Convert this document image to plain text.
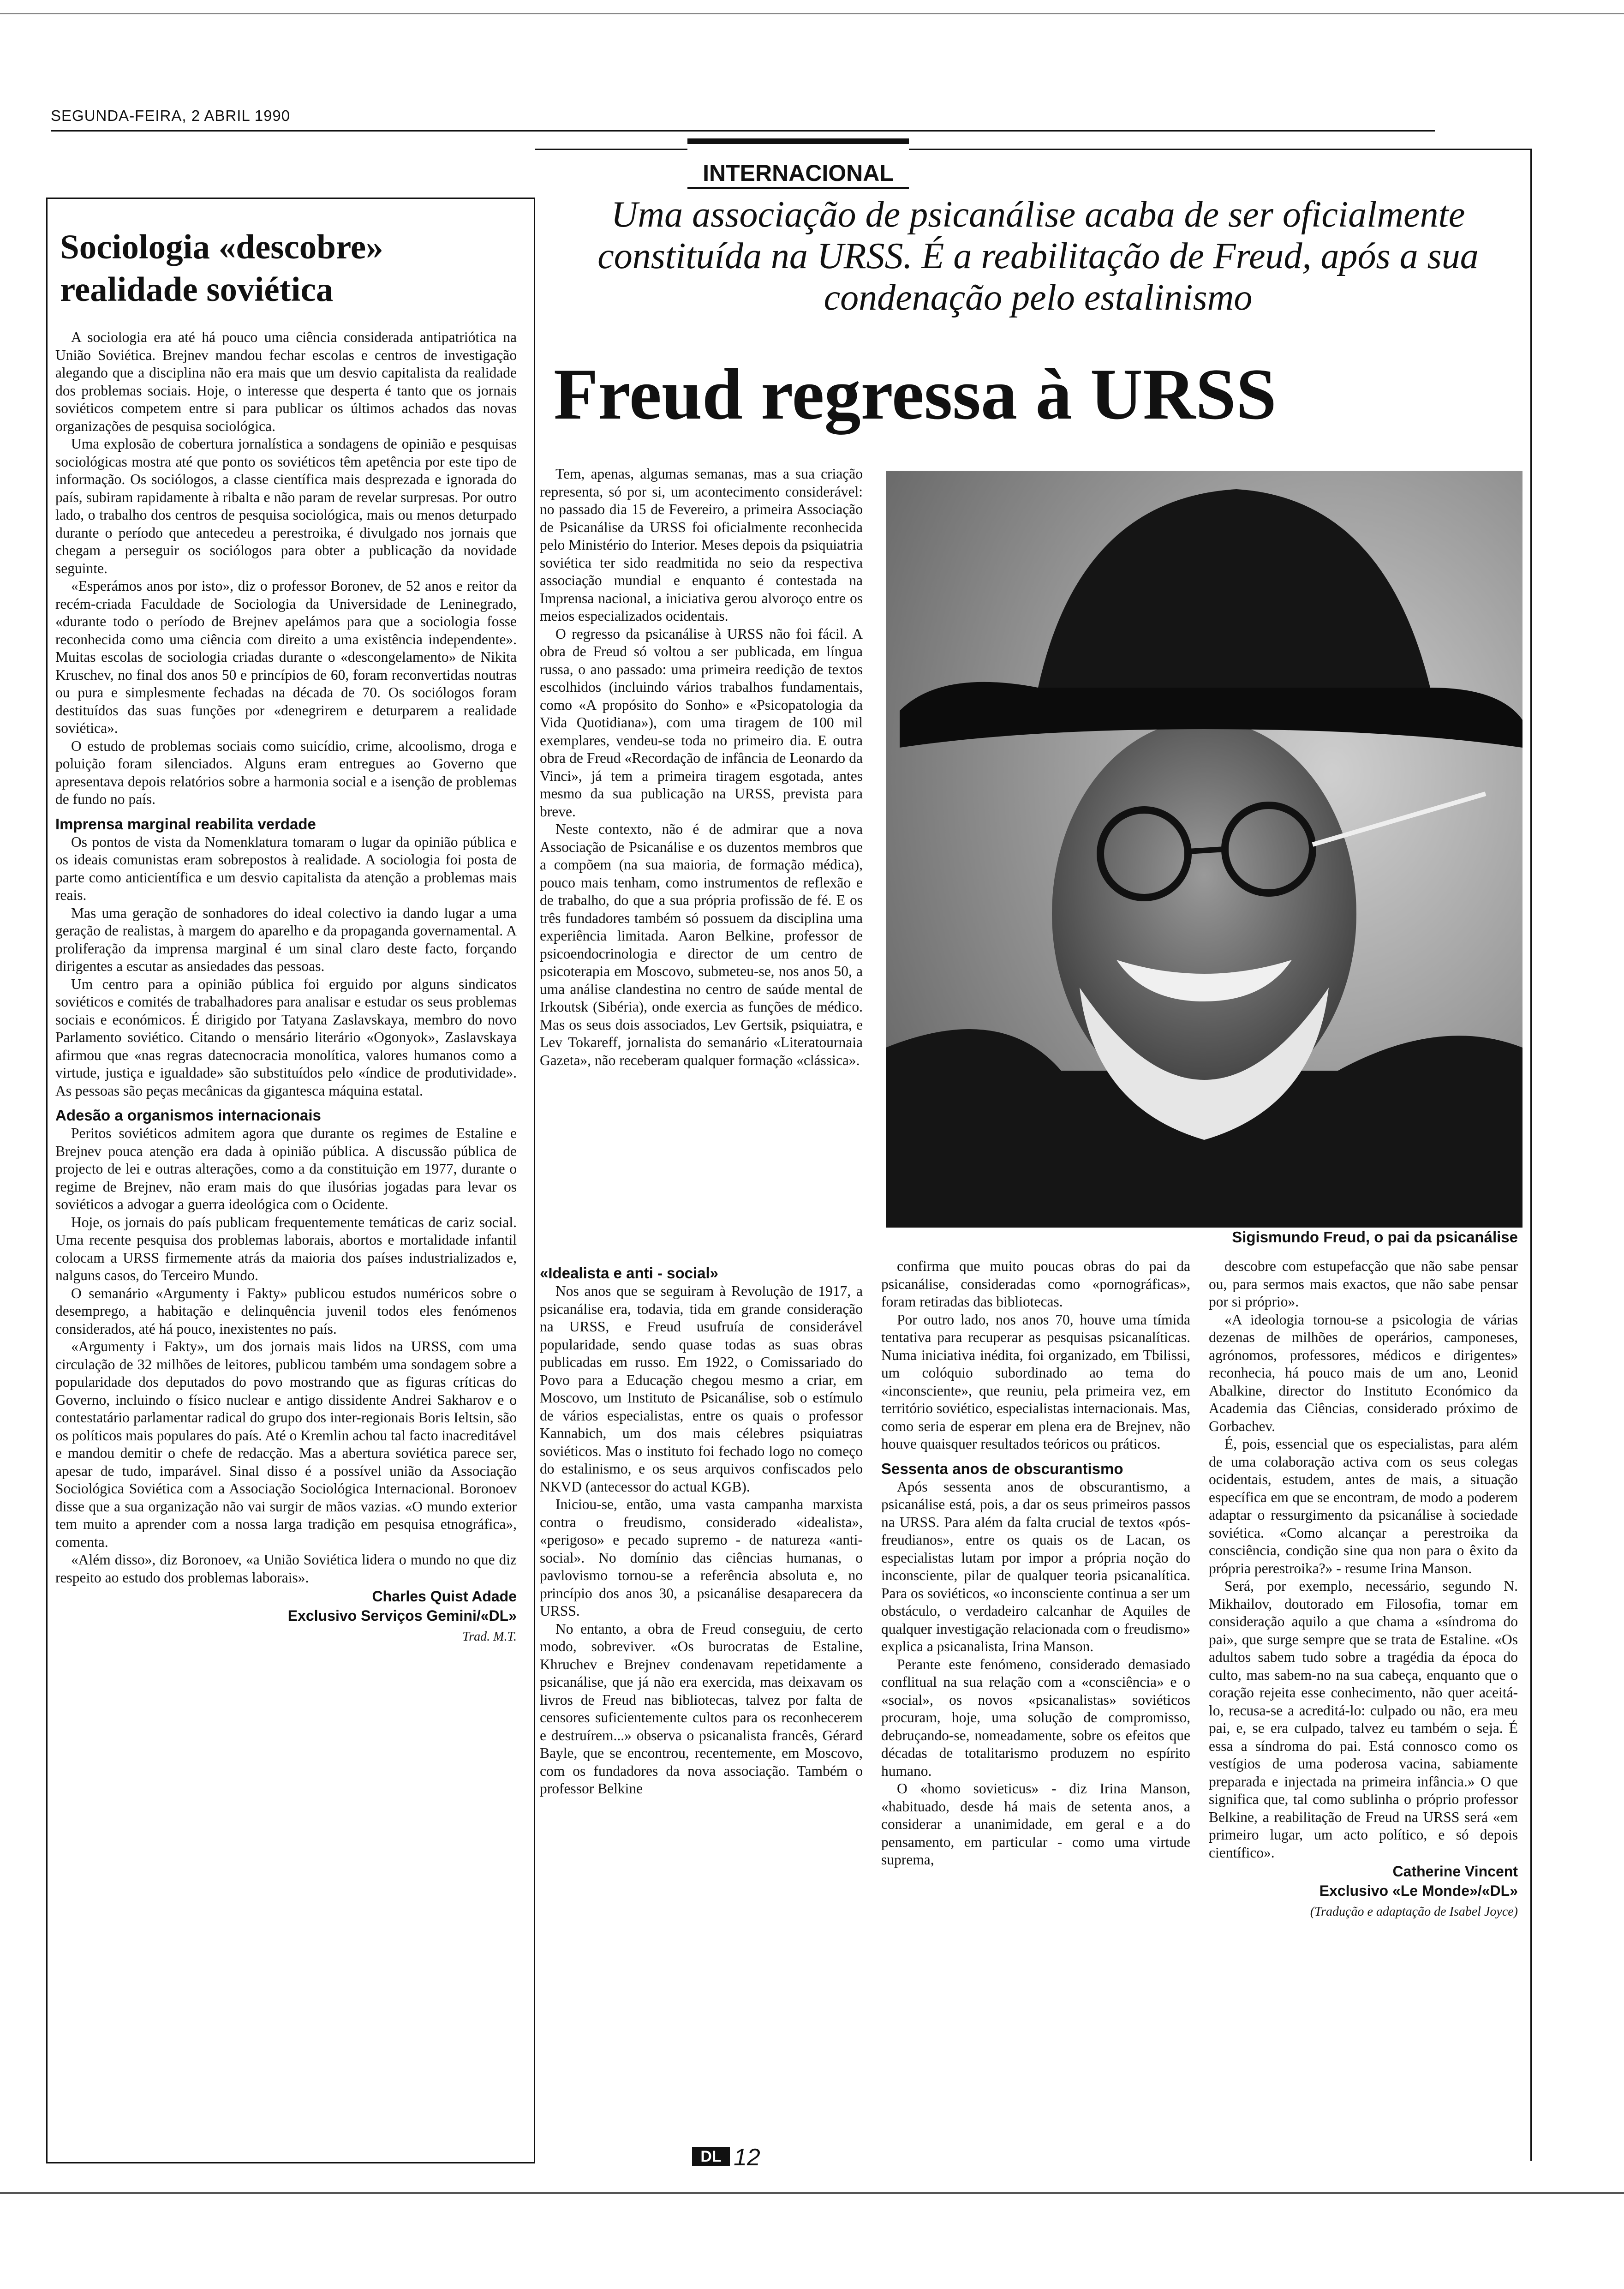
SEGUNDA-FEIRA, 2 ABRIL 1990
INTERNACIONAL
Uma associação de psicanálise acaba de ser oficialmente constituída na URSS. É a reabilitação de Freud, após a sua condenação pelo estalinismo
Freud regressa à URSS
Sociologia «descobre» realidade soviética

A sociologia era até há pouco uma ciência considerada antipatriótica na União Soviética. Brejnev mandou fechar escolas e centros de investigação alegando que a disciplina não era mais que um desvio capitalista da realidade dos problemas sociais. Hoje, o interesse que desperta é tanto que os jornais soviéticos competem entre si para publicar os últimos achados das novas organizações de pesquisa sociológica.

Uma explosão de cobertura jornalística a sondagens de opinião e pesquisas sociológicas mostra até que ponto os soviéticos têm apetência por este tipo de informação. Os sociólogos, a classe científica mais desprezada e ignorada do país, subiram rapidamente à ribalta e não param de revelar surpresas. Por outro lado, o trabalho dos centros de pesquisa sociológica, mais ou menos deturpado durante o período que antecedeu a perestroika, é divulgado nos jornais que chegam a perseguir os sociólogos para obter a publicação da novidade seguinte.

«Esperámos anos por isto», diz o professor Boronev, de 52 anos e reitor da recém-criada Faculdade de Sociologia da Universidade de Leninegrado, «durante todo o período de Brejnev apelámos para que a sociologia fosse reconhecida como uma ciência com direito a uma existência independente». Muitas escolas de sociologia criadas durante o «descongelamento» de Nikita Kruschev, no final dos anos 50 e princípios de 60, foram reconvertidas noutras ou pura e simplesmente fechadas na década de 70. Os sociólogos foram destituídos das suas funções por «denegrirem e deturparem a realidade soviética».

O estudo de problemas sociais como suicídio, crime, alcoolismo, droga e poluição foram silenciados. Alguns eram entregues ao Governo que apresentava depois relatórios sobre a harmonia social e a isenção de problemas de fundo no país.

Imprensa marginal reabilita verdade

Os pontos de vista da Nomenklatura tomaram o lugar da opinião pública e os ideais comunistas eram sobrepostos à realidade. A sociologia foi posta de parte como anticientífica e um desvio capitalista da atenção a problemas mais reais.

Mas uma geração de sonhadores do ideal colectivo ia dando lugar a uma geração de realistas, à margem do aparelho e da propaganda governamental. A proliferação da imprensa marginal é um sinal claro deste facto, forçando dirigentes a escutar as ansiedades das pessoas.

Um centro para a opinião pública foi erguido por alguns sindicatos soviéticos e comités de trabalhadores para analisar e estudar os seus problemas sociais e económicos. É dirigido por Tatyana Zaslavskaya, membro do novo Parlamento soviético. Citando o mensário literário «Ogonyok», Zaslavskaya afirmou que «nas regras datecnocracia monolítica, valores humanos como a virtude, justiça e igualdade» são substituídos pelo «índice de produtividade». As pessoas são peças mecânicas da gigantesca máquina estatal.

Adesão a organismos internacionais

Peritos soviéticos admitem agora que durante os regimes de Estaline e Brejnev pouca atenção era dada à opinião pública. A discussão pública de projecto de lei e outras alterações, como a da constituição em 1977, durante o regime de Brejnev, não eram mais do que ilusórias jogadas para levar os soviéticos a advogar a guerra ideológica com o Ocidente.

Hoje, os jornais do país publicam frequentemente temáticas de cariz social. Uma recente pesquisa dos problemas laborais, abortos e mortalidade infantil colocam a URSS firmemente atrás da maioria dos países industrializados e, nalguns casos, do Terceiro Mundo.

O semanário «Argumenty i Fakty» publicou estudos numéricos sobre o desemprego, a habitação e delinquência juvenil todos eles fenómenos considerados, até há pouco, inexistentes no país.

«Argumenty i Fakty», um dos jornais mais lidos na URSS, com uma circulação de 32 milhões de leitores, publicou também uma sondagem sobre a popularidade dos deputados do povo mostrando que as figuras críticas do Governo, incluindo o físico nuclear e antigo dissidente Andrei Sakharov e o contestatário parlamentar radical do grupo dos inter-regionais Boris Ieltsin, são os políticos mais populares do país. Até o Kremlin achou tal facto inacreditável e mandou demitir o chefe de redacção. Mas a abertura soviética parece ser, apesar de tudo, imparável. Sinal disso é a possível união da Associação Sociológica Soviética com a Associação Sociológica Internacional. Boronoev disse que a sua organização não vai surgir de mãos vazias. «O mundo exterior tem muito a aprender com a nossa larga tradição em pesquisa etnográfica», comenta.

«Além disso», diz Boronoev, «a União Soviética lidera o mundo no que diz respeito ao estudo dos problemas laborais».

Charles Quist Adade

Exclusivo Serviços Gemini/«DL»

Trad. M.T.

Tem, apenas, algumas semanas, mas a sua criação representa, só por si, um acontecimento considerável: no passado dia 15 de Fevereiro, a primeira Associação de Psicanálise da URSS foi oficialmente reconhecida pelo Ministério do Interior. Meses depois da psiquiatria soviética ter sido readmitida no seio da respectiva associação mundial e enquanto é contestada na Imprensa nacional, a iniciativa gerou alvoroço entre os meios especializados ocidentais.

O regresso da psicanálise à URSS não foi fácil. A obra de Freud só voltou a ser publicada, em língua russa, o ano passado: uma primeira reedição de textos escolhidos (incluindo vários trabalhos fundamentais, como «A propósito do Sonho» e «Psicopatologia da Vida Quotidiana»), com uma tiragem de 100 mil exemplares, vendeu-se toda no primeiro dia. E outra obra de Freud «Recordação de infância de Leonardo da Vinci», já tem a primeira tiragem esgotada, antes mesmo da sua publicação na URSS, prevista para breve.

Neste contexto, não é de admirar que a nova Associação de Psicanálise e os duzentos membros que a compõem (na sua maioria, de formação médica), pouco mais tenham, como instrumentos de reflexão e de trabalho, do que a sua própria profissão de fé. E os três fundadores também só possuem da disciplina uma experiência limitada. Aaron Belkine, professor de psicoendocrinologia e director de um centro de psicoterapia em Moscovo, submeteu-se, nos anos 50, a uma análise clandestina no centro de saúde mental de Irkoutsk (Sibéria), onde exercia as funções de médico. Mas os seus dois associados, Lev Gertsik, psiquiatra, e Lev Tokareff, jornalista do semanário «Literatournaia Gazeta», não receberam qualquer formação «clássica».

Sigismundo Freud, o pai da psicanálise

«Idealista e anti - social»

Nos anos que se seguiram à Revolução de 1917, a psicanálise era, todavia, tida em grande consideração na URSS, e Freud usufruía de considerável popularidade, sendo quase todas as suas obras publicadas em russo. Em 1922, o Comissariado do Povo para a Educação chegou mesmo a criar, em Moscovo, um Instituto de Psicanálise, sob o estímulo de vários especialistas, entre os quais o professor Kannabich, um dos mais célebres psiquiatras soviéticos. Mas o instituto foi fechado logo no começo do estalinismo, e os seus arquivos confiscados pelo NKVD (antecessor do actual KGB).

Iniciou-se, então, uma vasta campanha marxista contra o freudismo, considerado «idealista», «perigoso» e pecado supremo - de natureza «anti- social». No domínio das ciências humanas, o pavlovismo tornou-se a referência absoluta e, no princípio dos anos 30, a psicanálise desaparecera da URSS.

No entanto, a obra de Freud conseguiu, de certo modo, sobreviver. «Os burocratas de Estaline, Khruchev e Brejnev condenavam repetidamente a psicanálise, que já não era exercida, mas deixavam os livros de Freud nas bibliotecas, talvez por falta de censores suficientemente cultos para os reconhecerem e destruírem...» observa o psicanalista francês, Gérard Bayle, que se encontrou, recentemente, em Moscovo, com os fundadores da nova associação. Também o professor Belkine

confirma que muito poucas obras do pai da psicanálise, consideradas como «pornográficas», foram retiradas das bibliotecas.

Por outro lado, nos anos 70, houve uma tímida tentativa para recuperar as pesquisas psicanalíticas. Numa iniciativa inédita, foi organizado, em Tbilissi, um colóquio subordinado ao tema do «inconsciente», que reuniu, pela primeira vez, em território soviético, especialistas internacionais. Mas, como seria de esperar em plena era de Brejnev, não houve quaisquer resultados teóricos ou práticos.

Sessenta anos de obscurantismo

Após sessenta anos de obscurantismo, a psicanálise está, pois, a dar os seus primeiros passos na URSS. Para além da falta crucial de textos «pós-freudianos», entre os quais os de Lacan, os especialistas lutam por impor a própria noção do inconsciente, pilar de qualquer teoria psicanalítica. Para os soviéticos, «o inconsciente continua a ser um obstáculo, o verdadeiro calcanhar de Aquiles de qualquer investigação relacionada com o freudismo» explica a psicanalista, Irina Manson.

Perante este fenómeno, considerado demasiado conflitual na sua relação com a «consciência» e o «social», os novos «psicanalistas» soviéticos procuram, hoje, uma solução de compromisso, debruçando-se, nomeadamente, sobre os efeitos que décadas de totalitarismo produzem no espírito humano.

O «homo sovieticus» - diz Irina Manson, «habituado, desde há mais de setenta anos, a considerar a unanimidade, em geral e a do pensamento, em particular - como uma virtude suprema,

descobre com estupefacção que não sabe pensar ou, para sermos mais exactos, que não sabe pensar por si próprio».

«A ideologia tornou-se a psicologia de várias dezenas de milhões de operários, camponeses, agrónomos, professores, médicos e dirigentes» reconhecia, há pouco mais de um ano, Leonid Abalkine, director do Instituto Económico da Academia das Ciências, considerado próximo de Gorbachev.

É, pois, essencial que os especialistas, para além de uma colaboração activa com os seus colegas ocidentais, estudem, antes de mais, a situação específica em que se encontram, de modo a poderem adaptar o ressurgimento da psicanálise à sociedade soviética. «Como alcançar a perestroika da consciência, condição sine qua non para o êxito da própria perestroika?» - resume Irina Manson.

Será, por exemplo, necessário, segundo N. Mikhailov, doutorado em Filosofia, tomar em consideração aquilo a que chama a «síndroma do pai», que surge sempre que se trata de Estaline. «Os adultos sabem tudo sobre a tragédia da época do culto, mas sabem-no na sua cabeça, enquanto que o coração rejeita esse conhecimento, não quer aceitá-lo, recusa-se a acreditá-lo: culpado ou não, era meu pai, e, se era culpado, talvez eu também o seja. É essa a síndroma do pai. Está connosco como os vestígios de uma poderosa vacina, sabiamente preparada e injectada na primeira infância.» O que significa que, tal como sublinha o próprio professor Belkine, a reabilitação de Freud na URSS será «em primeiro lugar, um acto político, e só depois científico».

Catherine Vincent

Exclusivo «Le Monde»/«DL»

(Tradução e adaptação de Isabel Joyce)

DL 12
